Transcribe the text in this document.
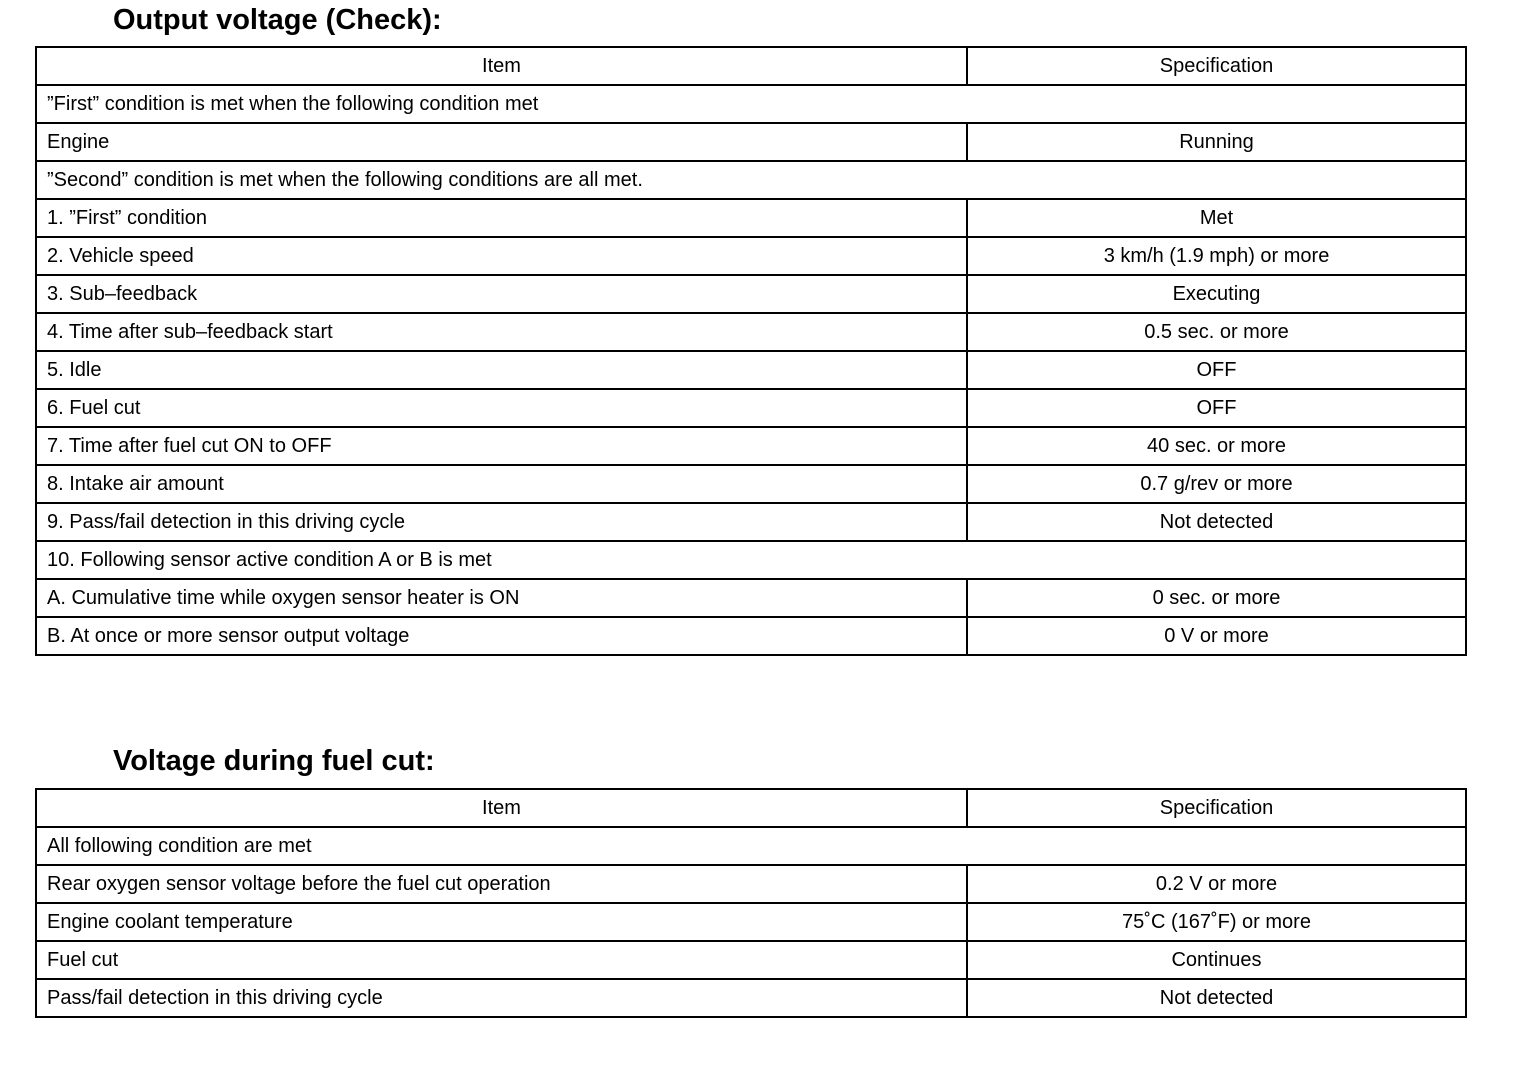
Output voltage (Check):
Item	Specification
”First” condition is met when the following condition met	
Engine	Running
”Second” condition is met when the following conditions are all met.	
1. ”First” condition	Met
2. Vehicle speed	3 km/h (1.9 mph) or more
3. Sub–feedback	Executing
4. Time after sub–feedback start	0.5 sec. or more
5. Idle	OFF
6. Fuel cut	OFF
7. Time after fuel cut ON to OFF	40 sec. or more
8. Intake air amount	0.7 g/rev or more
9. Pass/fail detection in this driving cycle	Not detected
10. Following sensor active condition A or B is met	
A. Cumulative time while oxygen sensor heater is ON	0 sec. or more
B. At once or more sensor output voltage	0 V or more
Voltage during fuel cut:
Item	Specification
All following condition are met	
Rear oxygen sensor voltage before the fuel cut operation	0.2 V or more
Engine coolant temperature	75˚C (167˚F) or more
Fuel cut	Continues
Pass/fail detection in this driving cycle	Not detected
